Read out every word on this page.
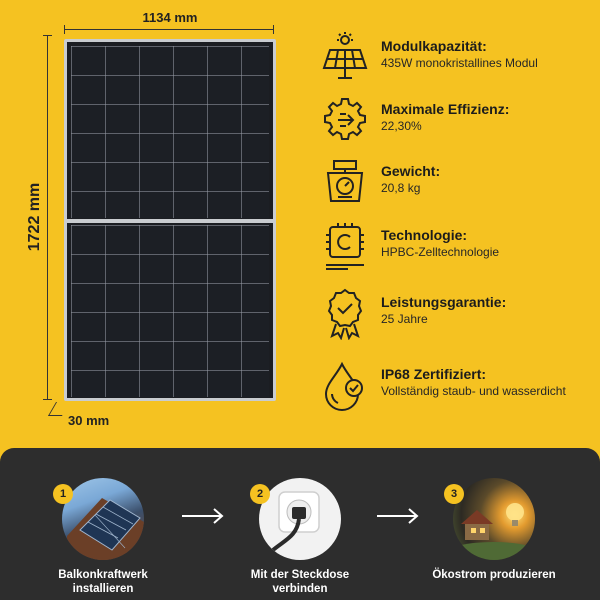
1134 mm
1722 mm
30 mm
Modulkapazität:
435W monokristallines Modul
Maximale Effizienz:
22,30%
Gewicht:
20,8 kg
Technologie:
HPBC-Zelltechnologie
Leistungsgarantie:
25 Jahre
IP68 Zertifiziert:
Vollständig staub- und wasserdicht
1
Balkonkraftwerk installieren
2
Mit der Steckdose verbinden
3
Ökostrom produzieren
